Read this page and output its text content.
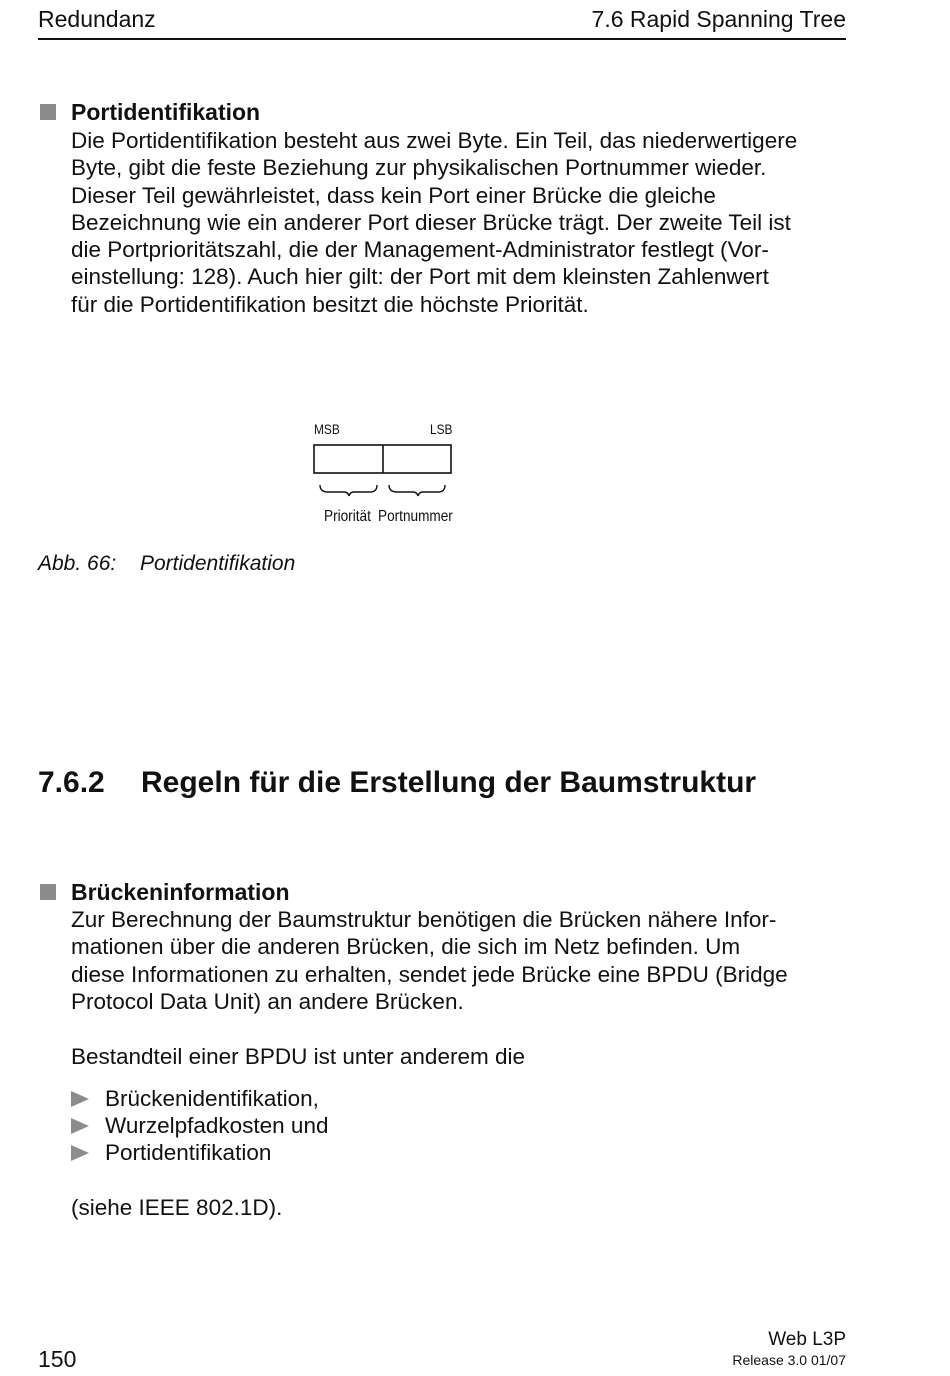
Redundanz	7.6 Rapid Spanning Tree
Portidentifikation
Die Portidentifikation besteht aus zwei Byte. Ein Teil, das niederwertigere
Byte, gibt die feste Beziehung zur physikalischen Portnummer wieder.
Dieser Teil gewährleistet, dass kein Port einer Brücke die gleiche
Bezeichnung wie ein anderer Port dieser Brücke trägt. Der zweite Teil ist
die Portprioritätszahl, die der Management-Administrator festlegt (Vor-
einstellung: 128). Auch hier gilt: der Port mit dem kleinsten Zahlenwert
für die Portidentifikation besitzt die höchste Priorität.
MSB	LSB
Priorität Portnummer
Abb. 66: Portidentifikation
7.6.2 Regeln für die Erstellung der Baumstruktur
Brückeninformation
Zur Berechnung der Baumstruktur benötigen die Brücken nähere Infor-
mationen über die anderen Brücken, die sich im Netz befinden. Um
diese Informationen zu erhalten, sendet jede Brücke eine BPDU (Bridge
Protocol Data Unit) an andere Brücken.
Bestandteil einer BPDU ist unter anderem die
Brückenidentifikation,
Wurzelpfadkosten und
Portidentifikation
(siehe IEEE 802.1D).
150
Web L3P
Release 3.0 01/07
